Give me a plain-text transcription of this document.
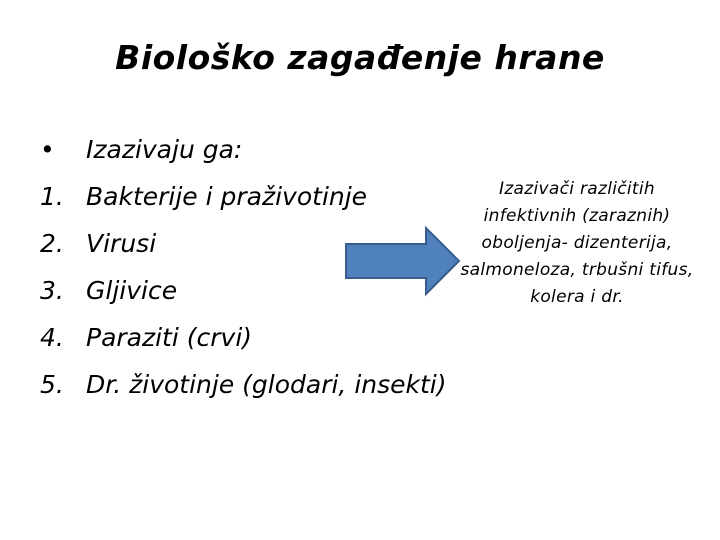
Biološko zagađenje hrane
• Izazivaju ga:
1. Bakterije i praživotinje
2. Virusi
3. Gljivice
4. Paraziti (crvi)
5. Dr. životinje (glodari, insekti)
Izazivači različitih infektivnih (zaraznih) oboljenja- dizenterija, salmoneloza, trbušni tifus, kolera i dr.
